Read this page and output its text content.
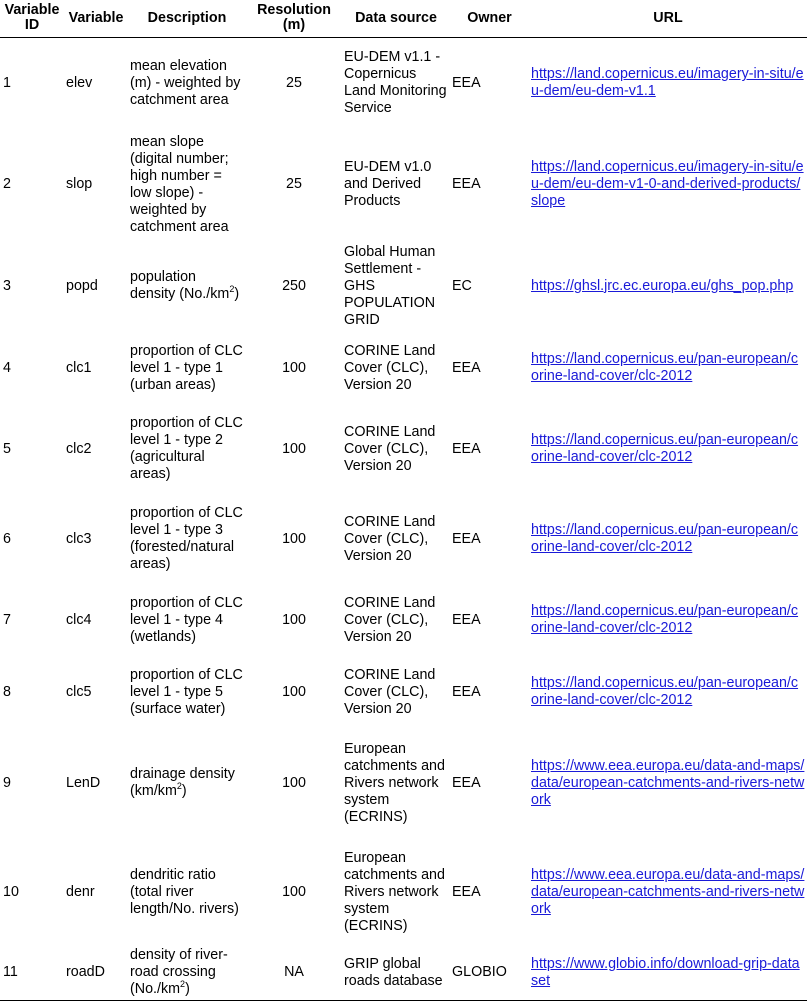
Variable ID	Variable	Description	Resolution (m)	Data source	Owner	URL
1	elev	mean elevation (m) - weighted by catchment area	25	EU-DEM v1.1 -Copernicus Land Monitoring Service	EEA	https://land.copernicus.eu/imagery-in-situ/eu-dem/eu-dem-v1.1
2	slop	mean slope (digital number; high number = low slope) - weighted by catchment area	25	EU-DEM v1.0 and Derived Products	EEA	https://land.copernicus.eu/imagery-in-situ/eu-dem/eu-dem-v1-0-and-derived-products/slope
3	popd	population density $(No./km^2)$	250	Global Human Settlement - GHS POPULATION GRID	EC	https://ghsl.jrc.ec.europa.eu/ghs_pop.php
4	clc1	proportion of CLC level 1 - type 1 (urban areas)	100	CORINE Land Cover (CLC), Version 20	EEA	https://land.copernicus.eu/pan-european/corine-land-cover/clc-2012
5	clc2	proportion of CLC level 1 - type 2 (agricultural areas)	100	CORINE Land Cover (CLC), Version 20	EEA	https://land.copernicus.eu/pan-european/corine-land-cover/clc-2012
6	clc3	proportion of CLC level 1 - type 3 (forested/natural areas)	100	CORINE Land Cover (CLC), Version 20	EEA	https://land.copernicus.eu/pan-european/corine-land-cover/clc-2012
7	clc4	proportion of CLC level 1 - type 4 (wetlands)	100	CORINE Land Cover (CLC), Version 20	EEA	https://land.copernicus.eu/pan-european/corine-land-cover/clc-2012
8	clc5	proportion of CLC level 1 - type 5 (surface water)	100	CORINE Land Cover (CLC), Version 20	EEA	https://land.copernicus.eu/pan-european/corine-land-cover/clc-2012
9	LenD	drainage density $(km/km^2)$	100	European catchments and Rivers network system (ECRINS)	EEA	https://www.eea.europa.eu/data-and-maps/data/european-catchments-and-rivers-network
10	denr	dendritic ratio (total river length/No. rivers)	100	European catchments and Rivers network system (ECRINS)	EEA	https://www.eea.europa.eu/data-and-maps/data/european-catchments-and-rivers-network
11	roadD	density of river-road crossing $(No./km^2)$	NA	GRIP global roads database	GLOBIO	https://www.globio.info/download-grip-dataset
